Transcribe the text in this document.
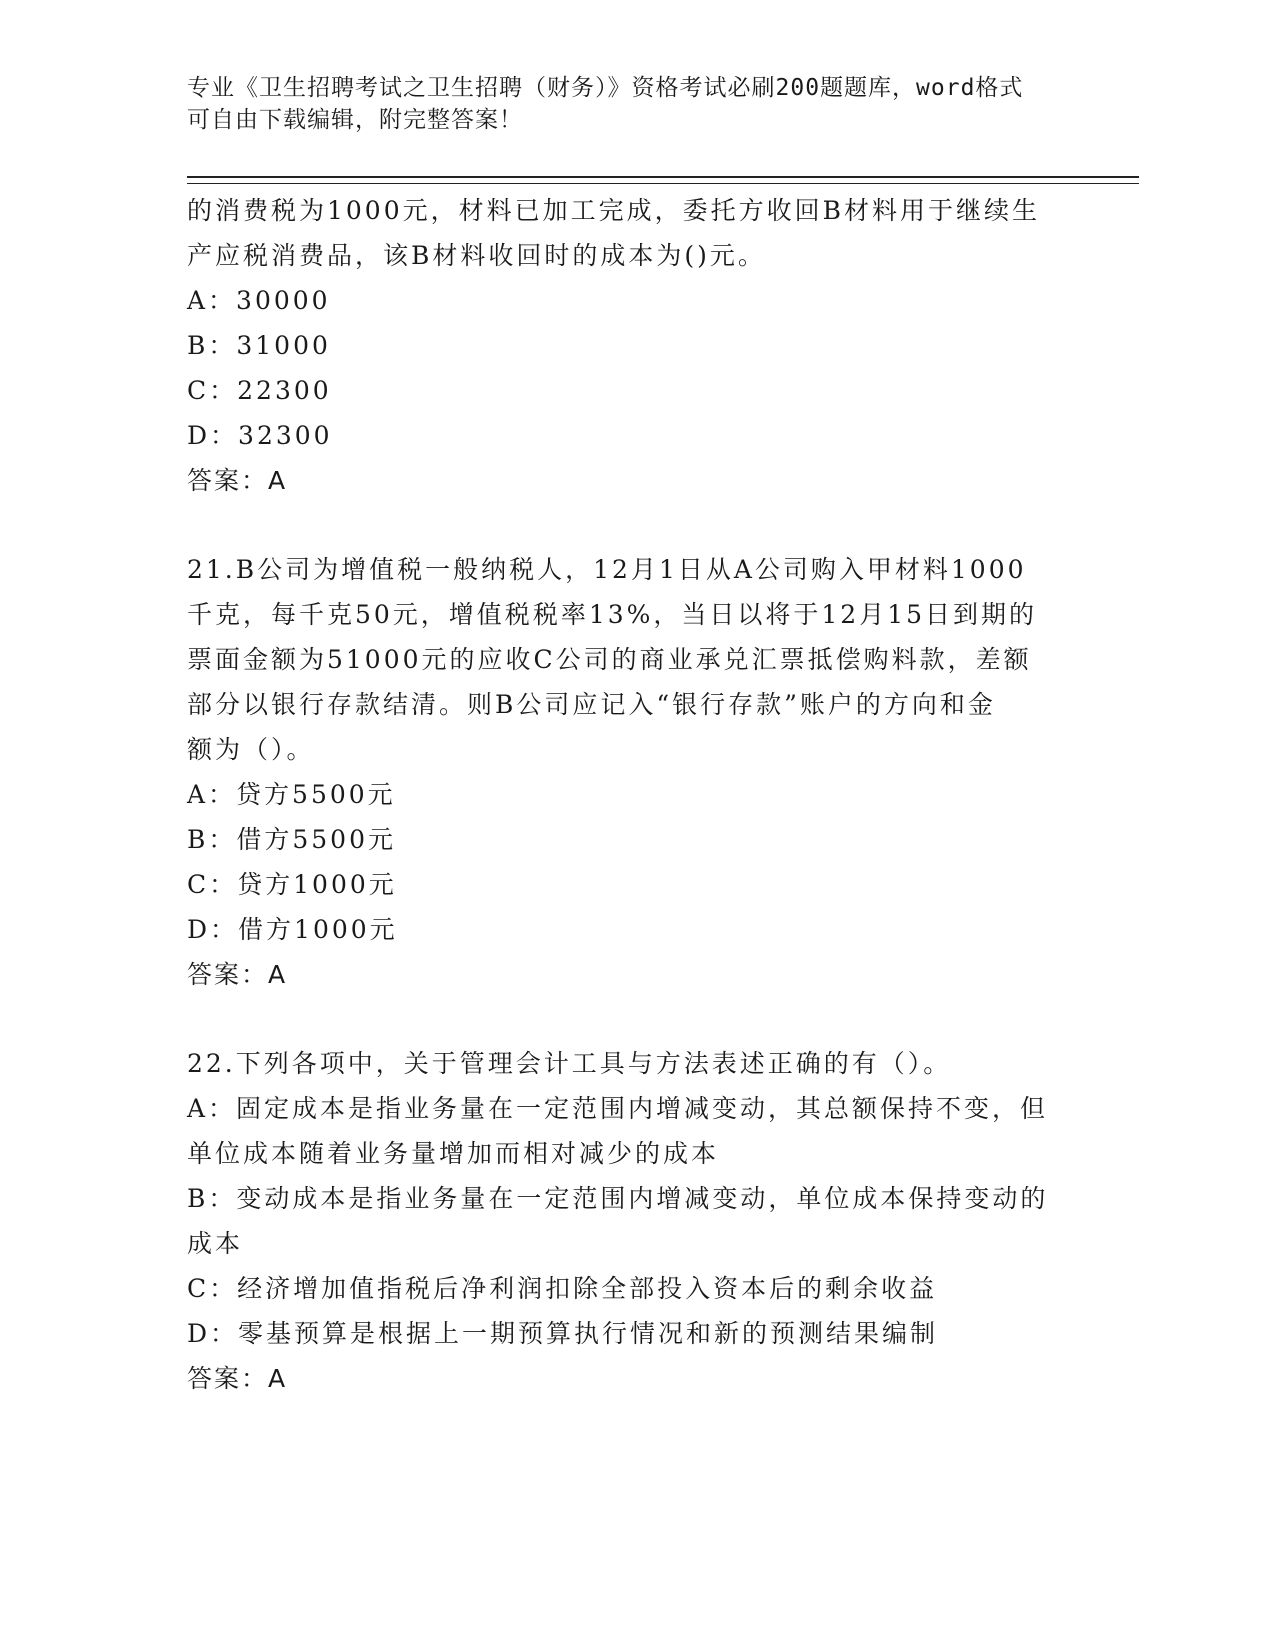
专业《卫生招聘考试之卫生招聘（财务）》资格考试必刷200题题库，word格式
可自由下载编辑，附完整答案！

的消费税为1000元，材料已加工完成，委托方收回B材料用于继续生

产应税消费品，该B材料收回时的成本为()元。

A：30000

B：31000

C：22300

D：32300

答案：A

21.B公司为增值税一般纳税人，12月1日从A公司购入甲材料1000

千克，每千克50元，增值税税率13%，当日以将于12月15日到期的

票面金额为51000元的应收C公司的商业承兑汇票抵偿购料款，差额

部分以银行存款结清。则B公司应记入“银行存款”账户的方向和金

额为（）。

A：贷方5500元

B：借方5500元

C：贷方1000元

D：借方1000元

答案：A

22.下列各项中，关于管理会计工具与方法表述正确的有（）。

A：固定成本是指业务量在一定范围内增减变动，其总额保持不变，但

单位成本随着业务量增加而相对减少的成本

B：变动成本是指业务量在一定范围内增减变动，单位成本保持变动的

成本

C：经济增加值指税后净利润扣除全部投入资本后的剩余收益

D：零基预算是根据上一期预算执行情况和新的预测结果编制

答案：A
